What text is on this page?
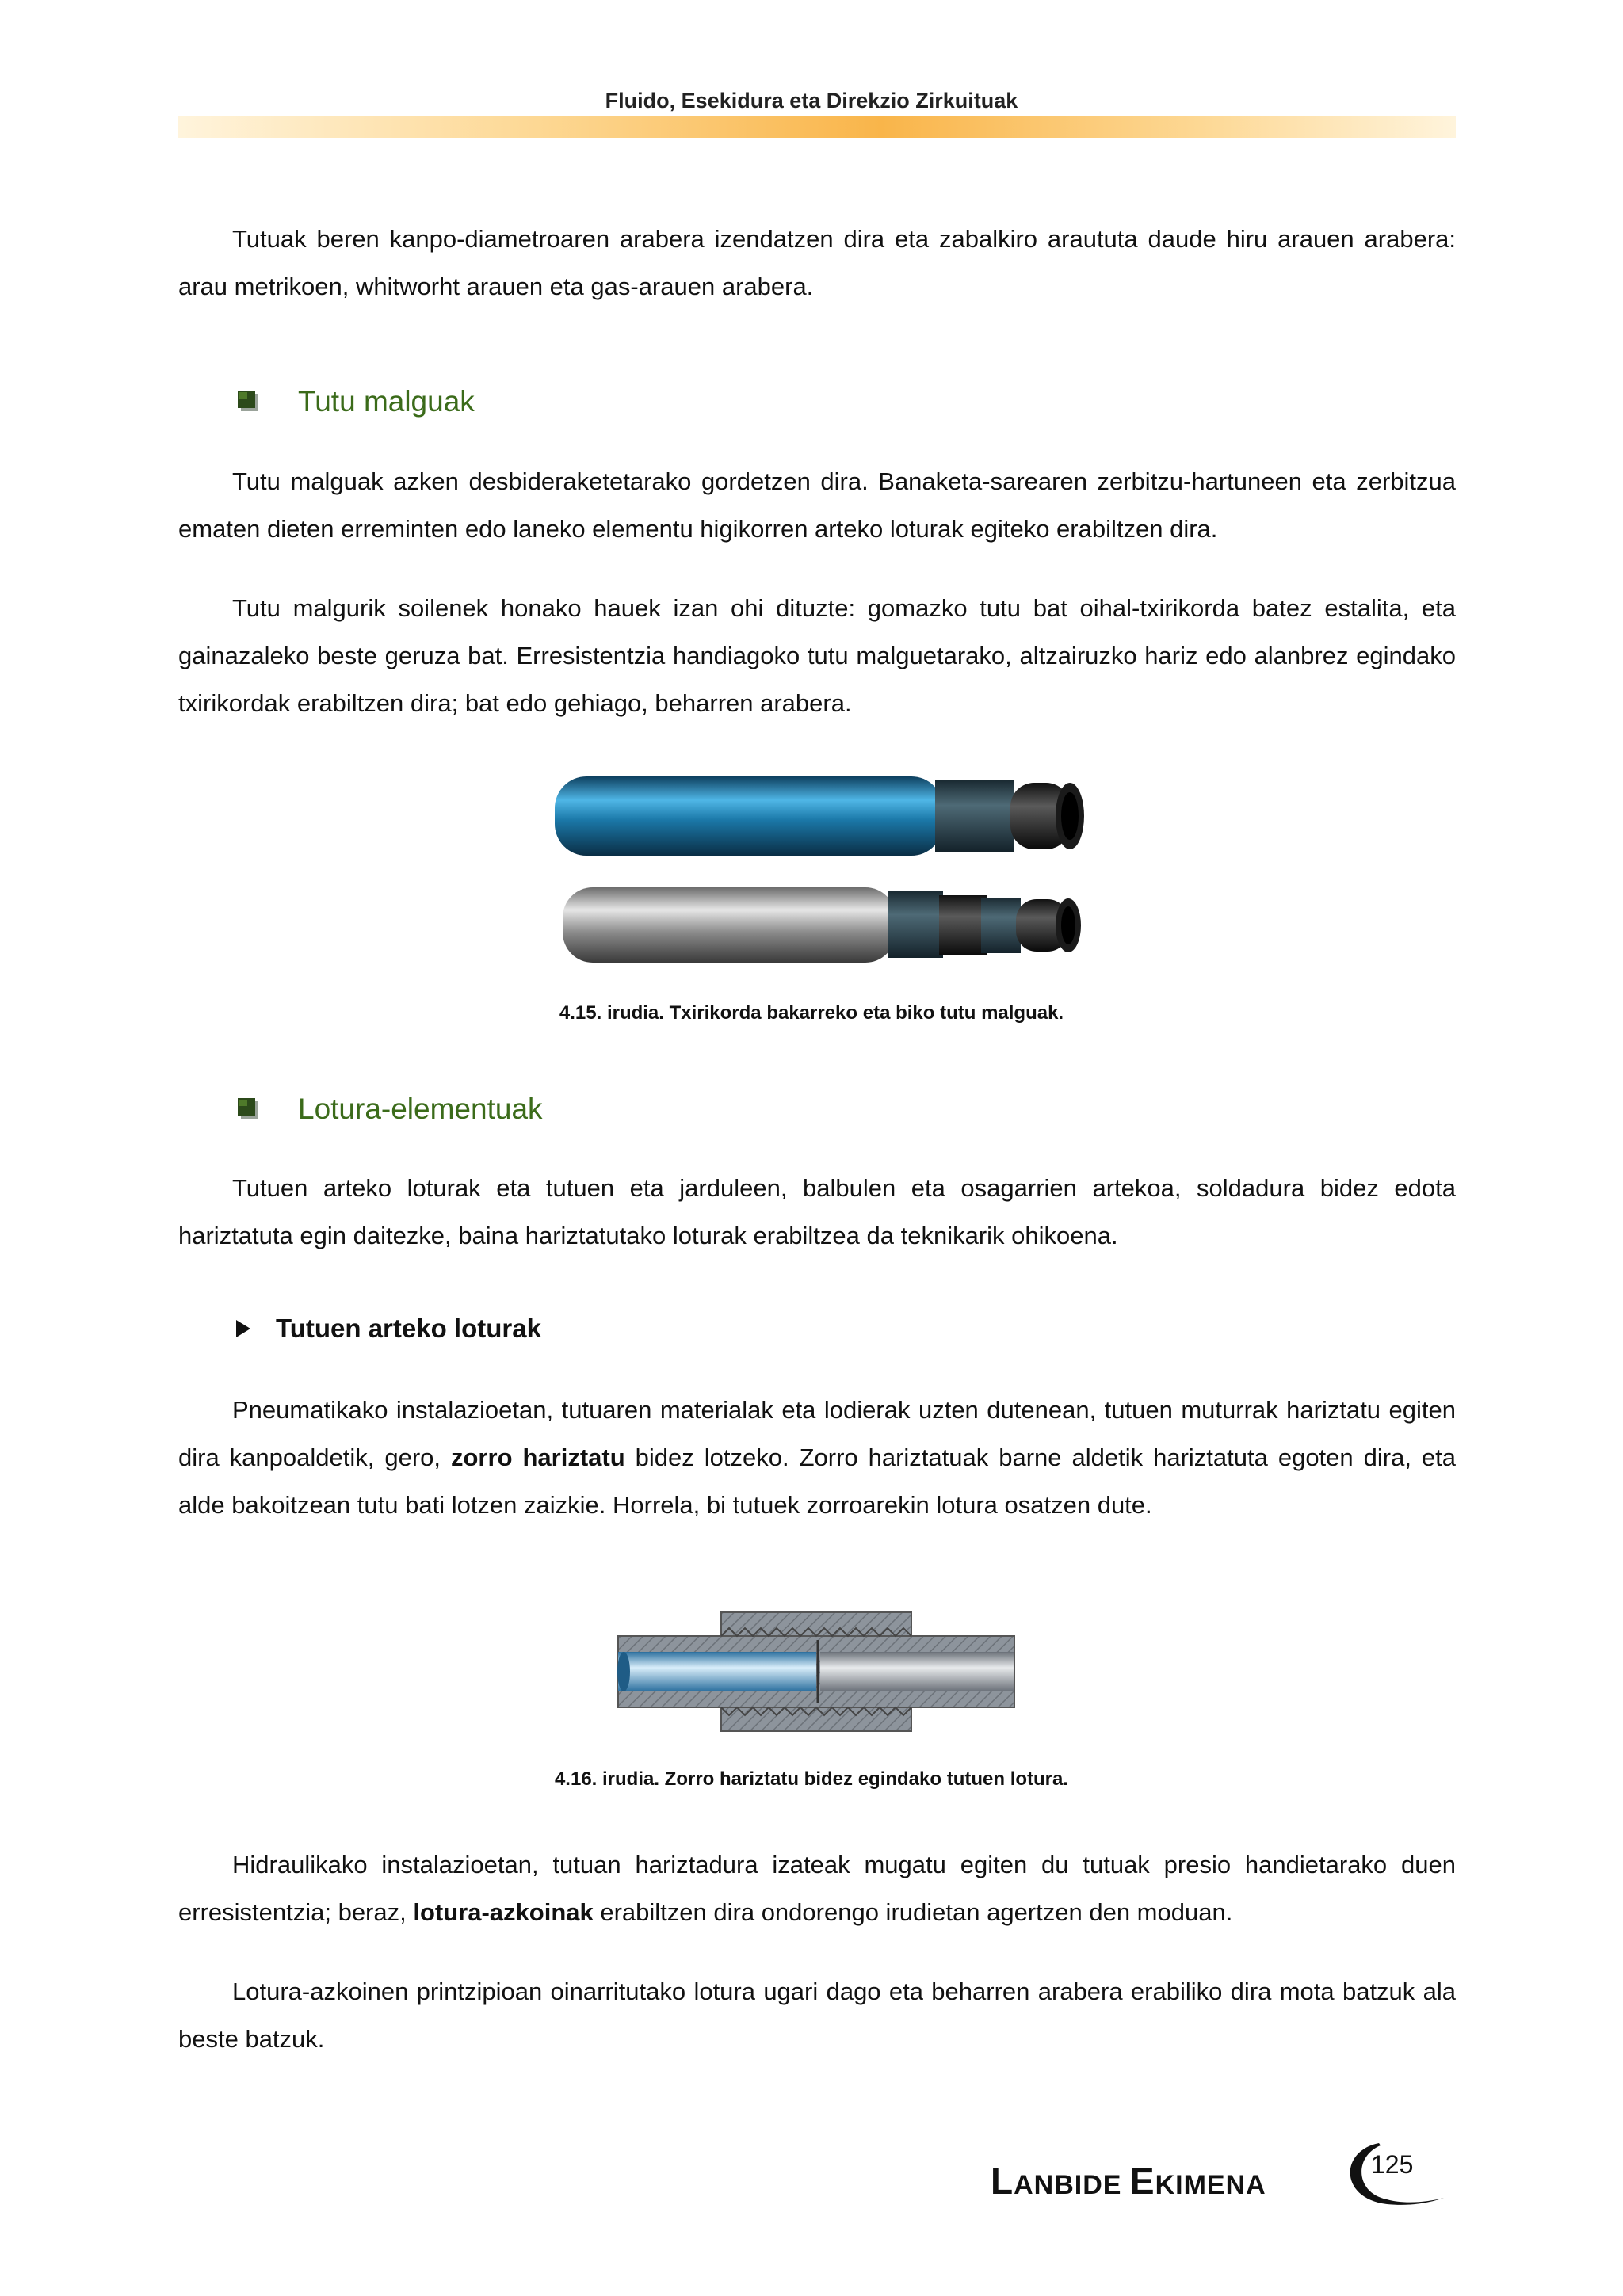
Fluido, Esekidura eta Direkzio Zirkuituak

Tutuak beren kanpo-diametroaren arabera izendatzen dira eta zabalkiro araututa daude hiru arauen arabera: arau metrikoen, whitworht arauen eta gas-arauen arabera.

Tutu malguak

Tutu malguak azken desbideraketetarako gordetzen dira. Banaketa-sarearen zerbitzu-hartuneen eta zerbitzua ematen dieten erreminten edo laneko elementu higikorren arteko loturak egiteko erabiltzen dira.

Tutu malgurik soilenek honako hauek izan ohi dituzte: gomazko tutu bat oihal-txirikorda batez estalita, eta gainazaleko beste geruza bat. Erresistentzia handiagoko tutu malguetarako, altzairuzko hariz edo alanbrez egindako txirikordak erabiltzen dira; bat edo gehiago, beharren arabera.

4.15. irudia. Txirikorda bakarreko eta biko tutu malguak.
Lotura-elementuak

Tutuen arteko loturak eta tutuen eta jarduleen, balbulen eta osagarrien artekoa, soldadura bidez edota hariztatuta egin daitezke, baina hariztatutako loturak erabiltzea da teknikarik ohikoena.

Tutuen arteko loturak

Pneumatikako instalazioetan, tutuaren materialak eta lodierak uzten dutenean, tutuen muturrak hariztatu egiten dira kanpoaldetik, gero, zorro hariztatu bidez lotzeko. Zorro hariztatuak barne aldetik hariztatuta egoten dira, eta alde bakoitzean tutu bati lotzen zaizkie. Horrela, bi tutuek zorroarekin lotura osatzen dute.

4.16. irudia. Zorro hariztatu bidez egindako tutuen lotura.

Hidraulikako instalazioetan, tutuan hariztadura izateak mugatu egiten du tutuak presio handietarako duen erresistentzia; beraz, lotura-azkoinak erabiltzen dira ondorengo irudietan agertzen den moduan.

Lotura-azkoinen printzipioan oinarritutako lotura ugari dago eta beharren arabera erabiliko dira mota batzuk ala beste batzuk.

LANBIDE EKIMENA
125
